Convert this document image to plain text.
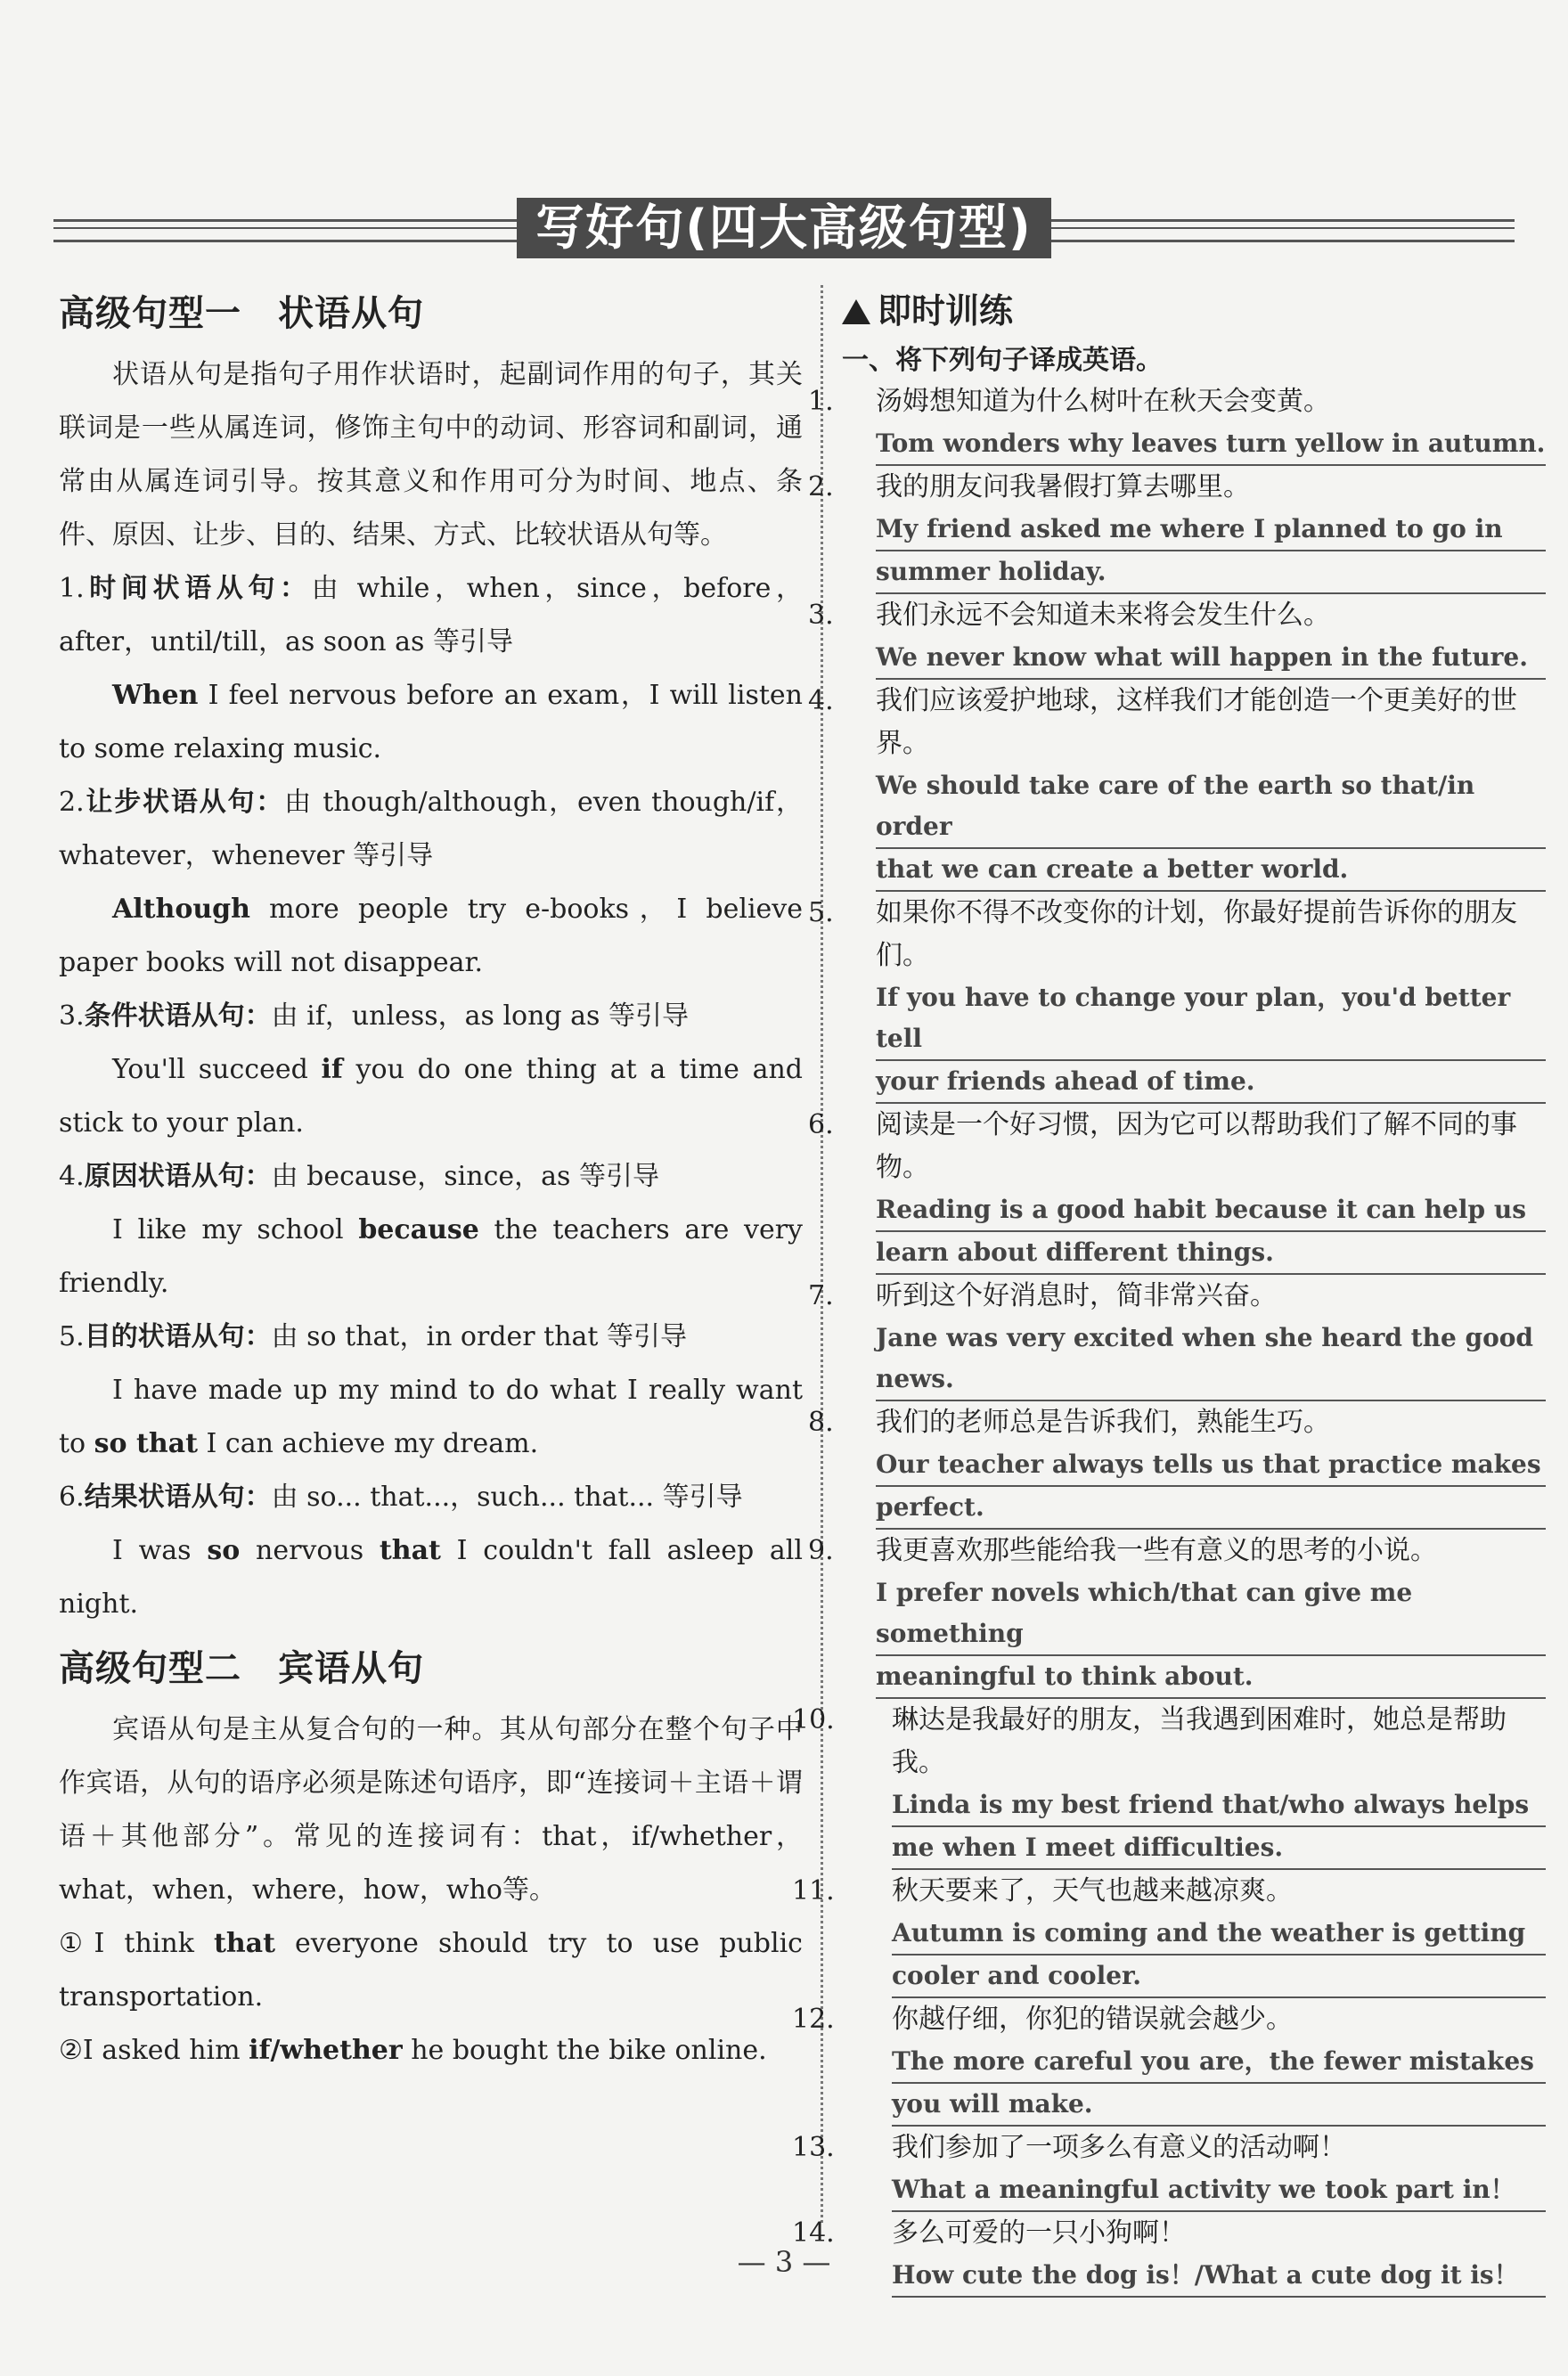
写好句(四大高级句型)
高级句型一　状语从句

状语从句是指句子用作状语时，起副词作用的句子，其关联词是一些从属连词，修饰主句中的动词、形容词和副词，通常由从属连词引导。按其意义和作用可分为时间、地点、条件、原因、让步、目的、结果、方式、比较状语从句等。

1.时间状语从句：由 while，when，since，before，after，until/till，as soon as 等引导

When I feel nervous before an exam，I will listen to some relaxing music.

2.让步状语从句：由 though/although，even though/if，whatever，whenever 等引导

Although more people try e-books，I believe paper books will not disappear.

3.条件状语从句：由 if，unless，as long as 等引导

You'll succeed if you do one thing at a time and stick to your plan.

4.原因状语从句：由 because，since，as 等引导

I like my school because the teachers are very friendly.

5.目的状语从句：由 so that，in order that 等引导

I have made up my mind to do what I really want to so that I can achieve my dream.

6.结果状语从句：由 so... that...，such... that... 等引导

I was so nervous that I couldn't fall asleep all night.

高级句型二　宾语从句

宾语从句是主从复合句的一种。其从句部分在整个句子中作宾语，从句的语序必须是陈述句语序，即“连接词＋主语＋谓语＋其他部分”。常见的连接词有：that，if/whether，what，when，where，how，who等。

①I think that everyone should try to use public transportation.

②I asked him if/whether he bought the bike online.

即时训练
一、将下列句子译成英语。

1. 汤姆想知道为什么树叶在秋天会变黄。

Tom wonders why leaves turn yellow in autumn.

2. 我的朋友问我暑假打算去哪里。

My friend asked me where I planned to go in
summer holiday.

3. 我们永远不会知道未来将会发生什么。

We never know what will happen in the future.

4. 我们应该爱护地球，这样我们才能创造一个更美好的世界。

We should take care of the earth so that/in order
that we can create a better world.

5. 如果你不得不改变你的计划，你最好提前告诉你的朋友们。

If you have to change your plan，you'd better tell
your friends ahead of time.

6. 阅读是一个好习惯，因为它可以帮助我们了解不同的事物。

Reading is a good habit because it can help us
learn about different things.

7. 听到这个好消息时，简非常兴奋。

Jane was very excited when she heard the good news.

8. 我们的老师总是告诉我们，熟能生巧。

Our teacher always tells us that practice makes
perfect.

9. 我更喜欢那些能给我一些有意义的思考的小说。

I prefer novels which/that can give me something
meaningful to think about.

10. 琳达是我最好的朋友，当我遇到困难时，她总是帮助我。

Linda is my best friend that/who always helps
me when I meet difficulties.

11. 秋天要来了，天气也越来越凉爽。

Autumn is coming and the weather is getting
cooler and cooler.

12. 你越仔细，你犯的错误就会越少。

The more careful you are，the fewer mistakes
you will make.

13. 我们参加了一项多么有意义的活动啊！

What a meaningful activity we took part in！

14. 多么可爱的一只小狗啊！

How cute the dog is！/What a cute dog it is！
— 3 —
